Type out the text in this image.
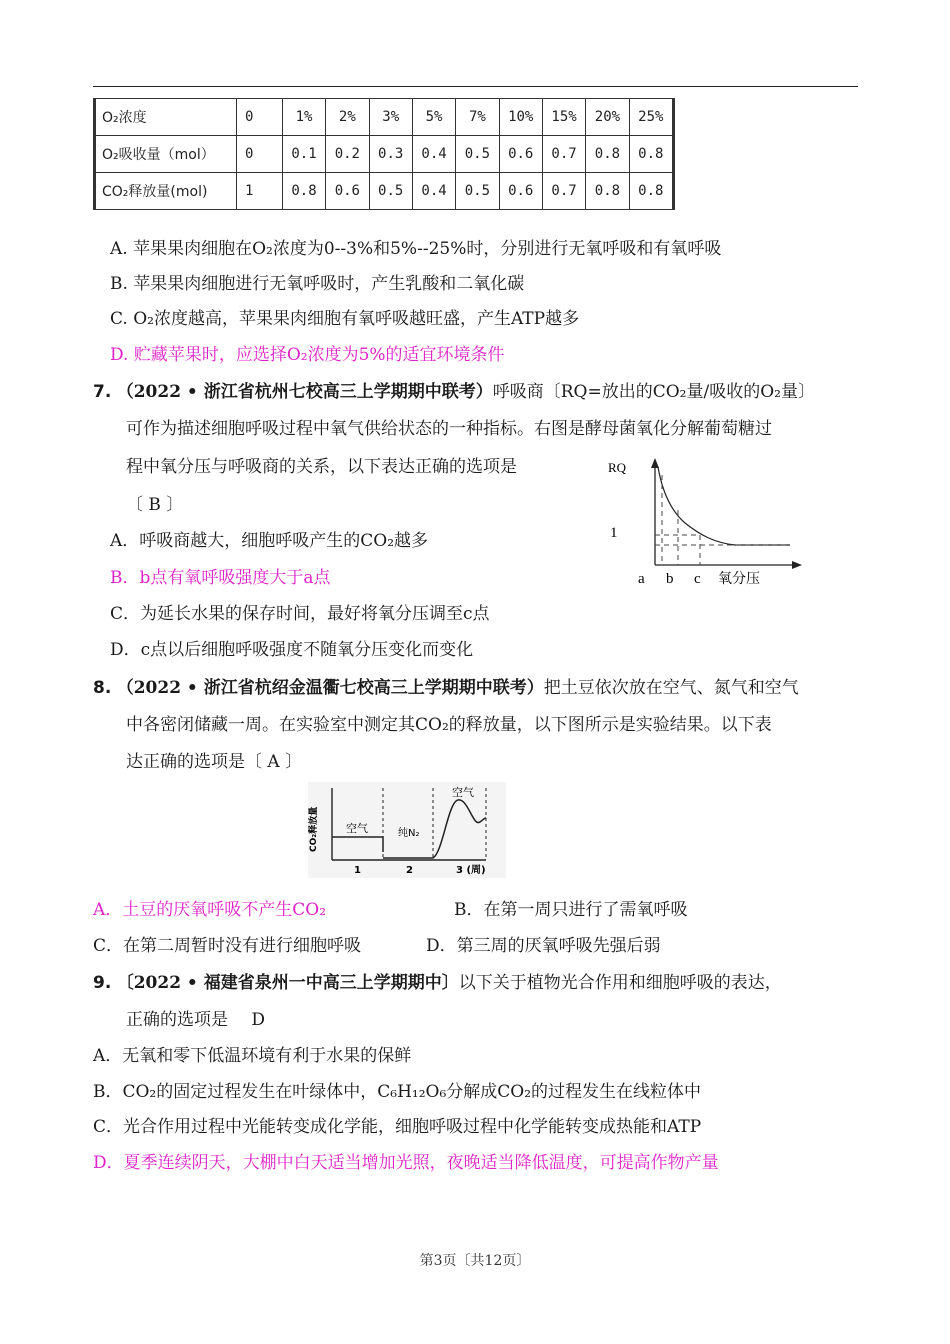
O₂浓度	0	1%	2%	3%	5%	7%	10%	15%	20%	25%
O₂吸收量（mol）	0	0.1	0.2	0.3	0.4	0.5	0.6	0.7	0.8	0.8
CO₂释放量(mol)	1	0.8	0.6	0.5	0.4	0.5	0.6	0.7	0.8	0.8
A. 苹果果肉细胞在O₂浓度为0--3%和5%--25%时，分别进行无氧呼吸和有氧呼吸
B. 苹果果肉细胞进行无氧呼吸时，产生乳酸和二氧化碳
C. O₂浓度越高，苹果果肉细胞有氧呼吸越旺盛，产生ATP越多
D. 贮藏苹果时，应选择O₂浓度为5%的适宜环境条件
7. （2022 • 浙江省杭州七校高三上学期期中联考）呼吸商〔RQ=放出的CO₂量/吸收的O₂量〕
可作为描述细胞呼吸过程中氧气供给状态的一种指标。右图是酵母菌氧化分解葡萄糖过
程中氧分压与呼吸商的关系，以下表达正确的选项是
〔 B 〕
A．呼吸商越大，细胞呼吸产生的CO₂越多
B．b点有氧呼吸强度大于a点
C．为延长水果的保存时间，最好将氧分压调至c点
D．c点以后细胞呼吸强度不随氧分压变化而变化
RQ
1
a b c 氧分压
8. （2022 • 浙江省杭绍金温衢七校高三上学期期中联考）把土豆依次放在空气、氮气和空气
中各密闭储藏一周。在实验室中测定其CO₂的释放量，以下图所示是实验结果。以下表
达正确的选项是〔 A 〕
CO₂释放量 空气	纯N₂
空气
1	2	3 (周)
A．土豆的厌氧呼吸不产生CO₂	B．在第一周只进行了需氧呼吸
C．在第二周暂时没有进行细胞呼吸	D．第三周的厌氧呼吸先强后弱
9. 〔2022 • 福建省泉州一中高三上学期期中〕以下关于植物光合作用和细胞呼吸的表达，
正确的选项是 D
A．无氧和零下低温环境有利于水果的保鲜
B．CO₂的固定过程发生在叶绿体中，C₆H₁₂O₆分解成CO₂的过程发生在线粒体中
C．光合作用过程中光能转变成化学能，细胞呼吸过程中化学能转变成热能和ATP
D．夏季连续阴天，大棚中白天适当增加光照，夜晚适当降低温度，可提高作物产量
第3页〔共12页〕
